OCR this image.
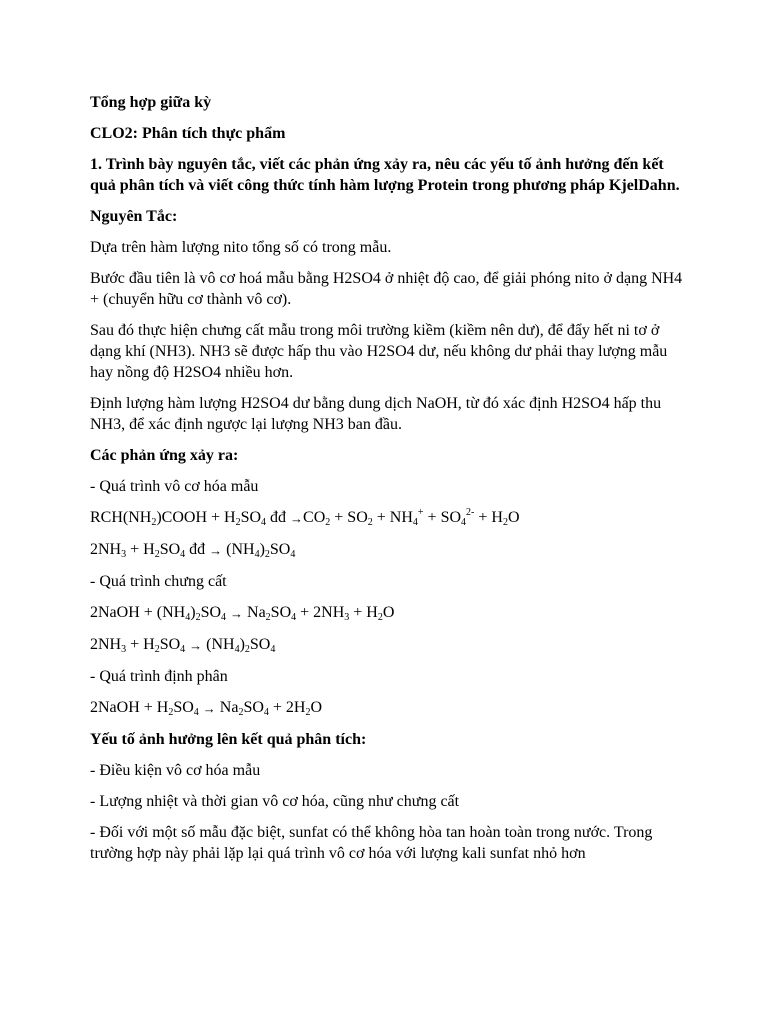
Tổng hợp giữa kỳ

CLO2: Phân tích thực phẩm

1. Trình bày nguyên tắc, viết các phản ứng xảy ra, nêu các yếu tố ảnh hưởng đến kết quả phân tích và viết công thức tính hàm lượng Protein trong phương pháp KjelDahn.

Nguyên Tắc:

Dựa trên hàm lượng nito tổng số có trong mẫu.

Bước đầu tiên là vô cơ hoá mẫu bằng H2SO4 ở nhiệt độ cao, để giải phóng nito ở dạng NH4 + (chuyển hữu cơ thành vô cơ).

Sau đó thực hiện chưng cất mẫu trong môi trường kiềm (kiềm nên dư), để đẩy hết ni tơ ở dạng khí (NH3). NH3 sẽ được hấp thu vào H2SO4 dư, nếu không dư phải thay lượng mẫu hay nồng độ H2SO4 nhiều hơn.

Định lượng hàm lượng H2SO4 dư bằng dung dịch NaOH, từ đó xác định H2SO4 hấp thu NH3, để xác định ngược lại lượng NH3 ban đầu.

Các phản ứng xảy ra:

- Quá trình vô cơ hóa mẫu

$RCH(NH_2)COOH + H_2SO_4$ đđ $\to CO_2 + SO_2 + NH_4^+ + SO_4^{2-} + H_2O$

$2NH_3 + H_2SO_4$ đđ → $(NH_4)_2SO_4$

- Quá trình chưng cất

2NaOH + $(NH_4)_2SO_4 \to Na_2SO_4 + 2NH_3 + H_2O$

$2NH_3 + H_2SO_4 \to (NH_4)_2SO_4$

- Quá trình định phân

2NaOH + $H_2SO_4 \to Na_2SO_4 + 2H_2O$

Yếu tố ảnh hưởng lên kết quả phân tích:

- Điều kiện vô cơ hóa mẫu

- Lượng nhiệt và thời gian vô cơ hóa, cũng như chưng cất

- Đối với một số mẫu đặc biệt, sunfat có thể không hòa tan hoàn toàn trong nước. Trong trường hợp này phải lặp lại quá trình vô cơ hóa với lượng kali sunfat nhỏ hơn
